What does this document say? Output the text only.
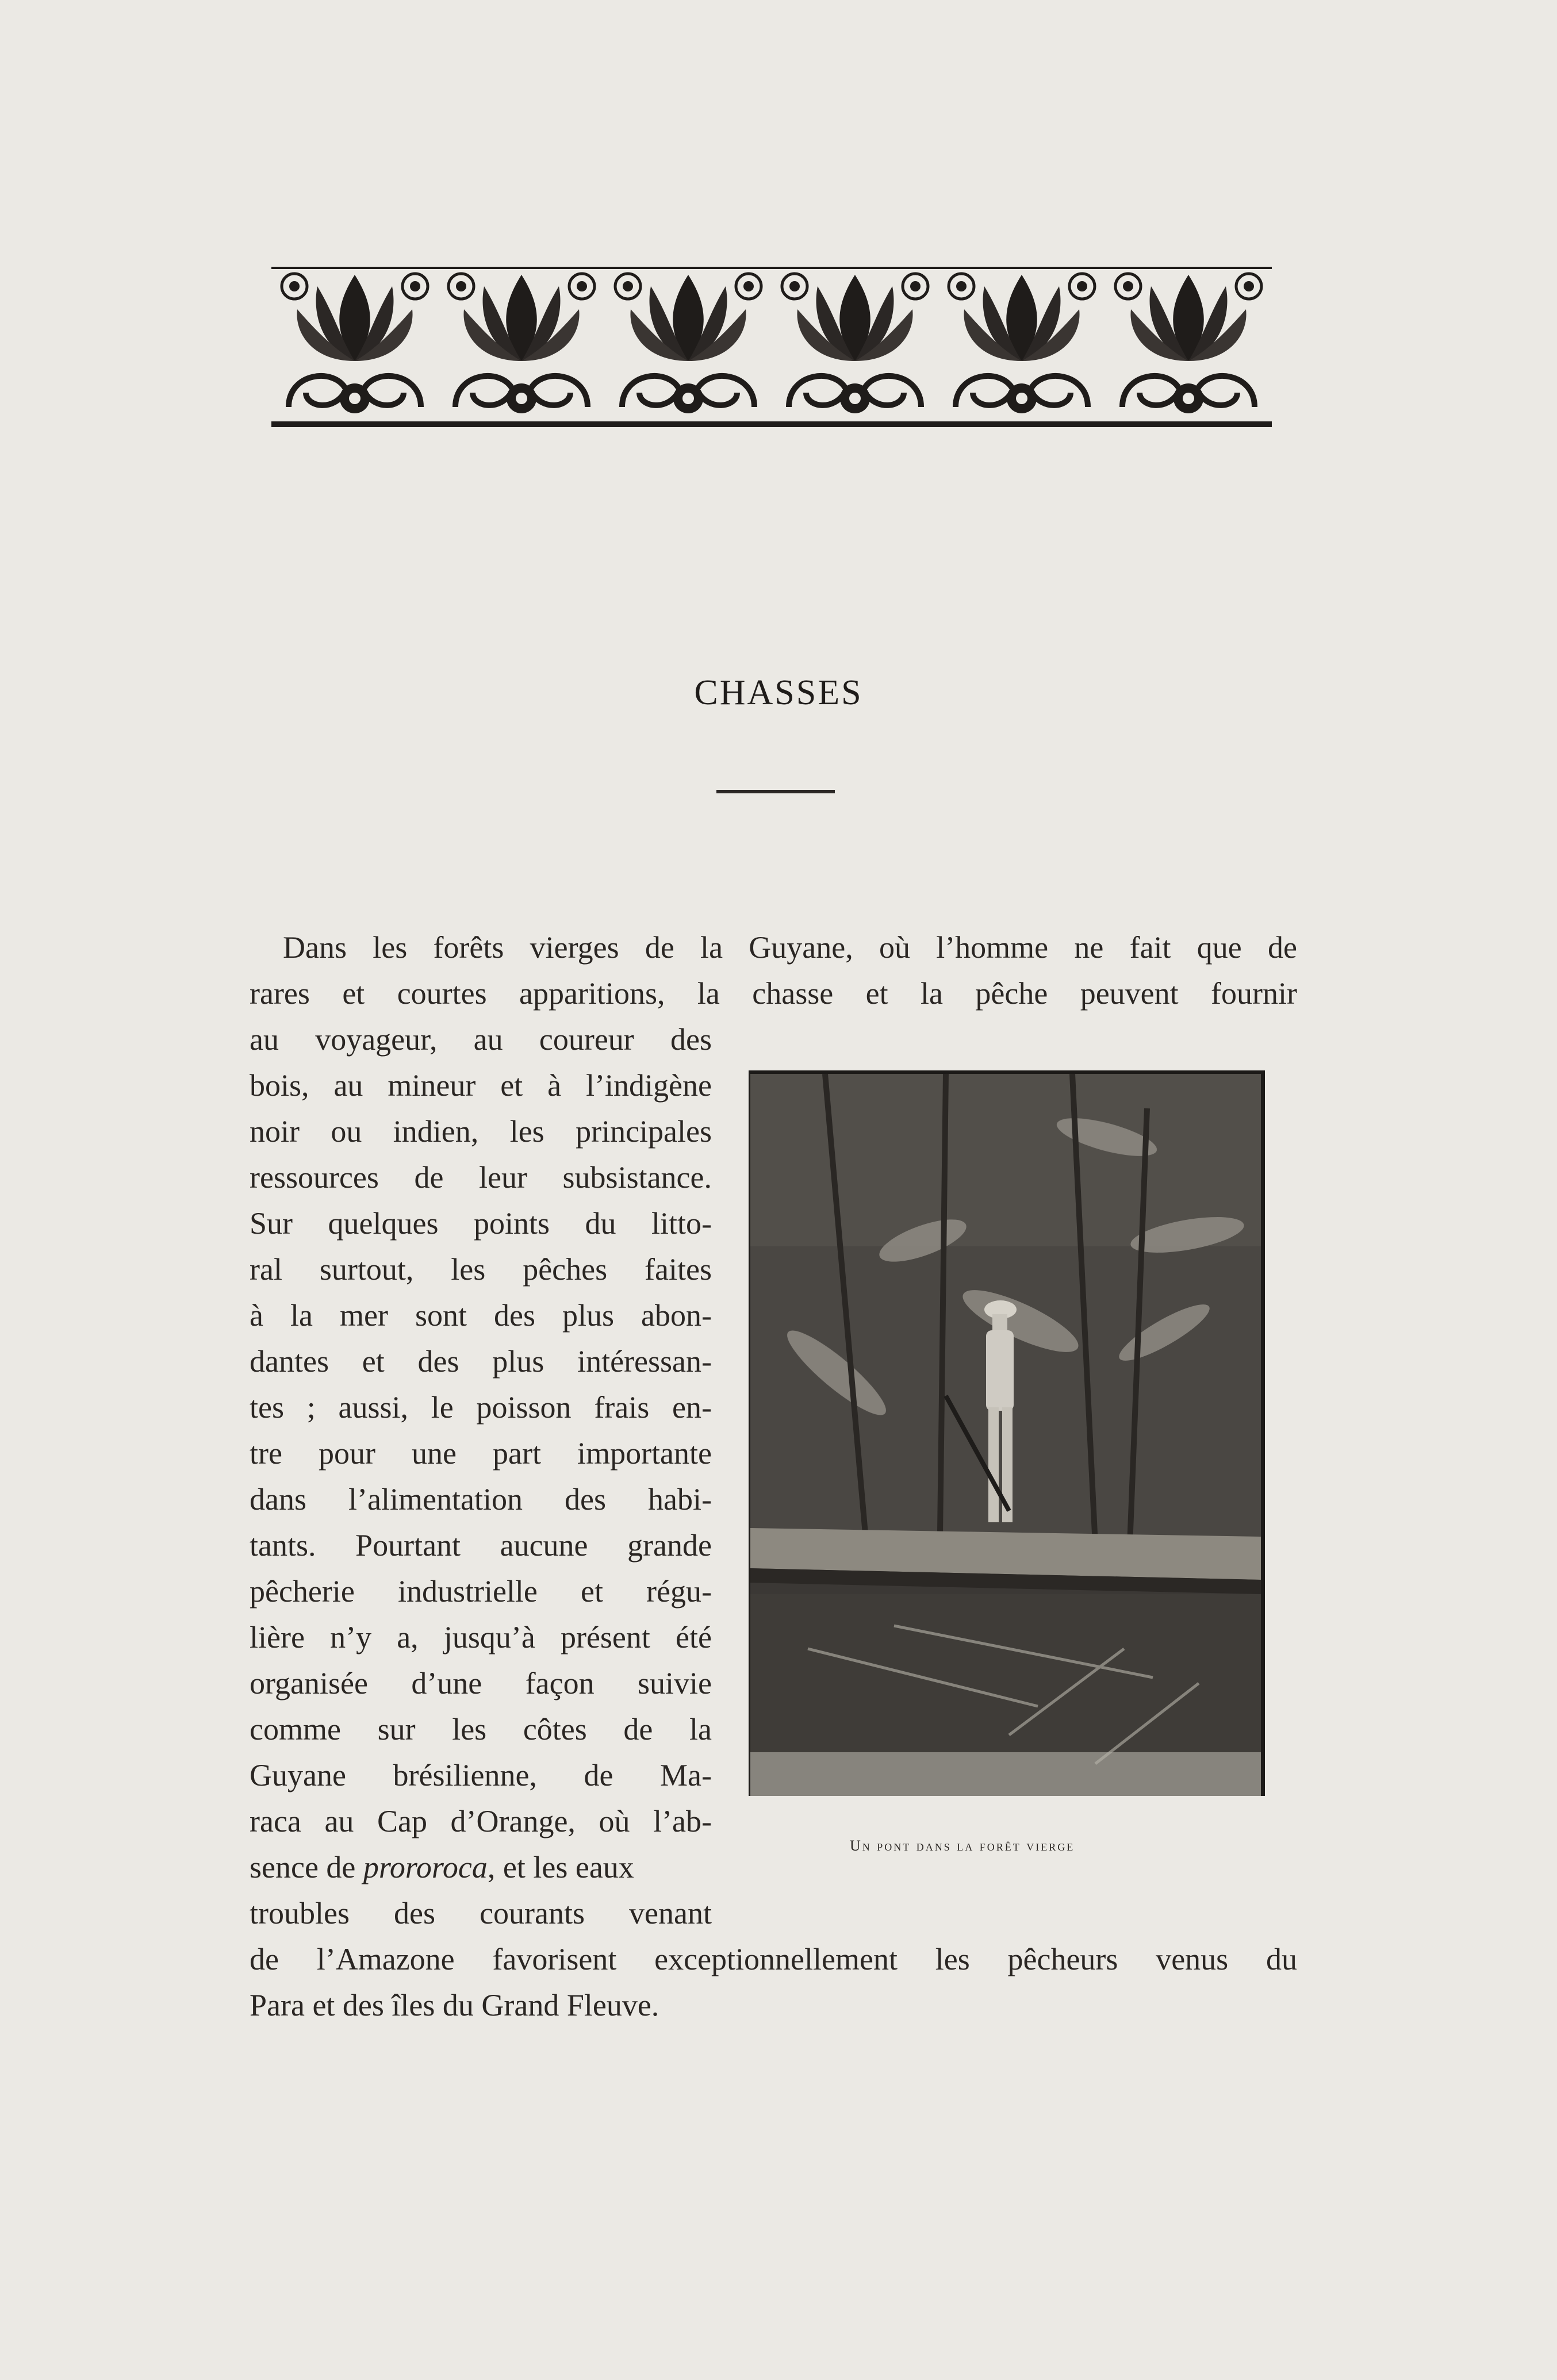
CHASSES
Dans les forêts vierges de la Guyane, où l’homme ne fait que de
rares et courtes apparitions, la chasse et la pêche peuvent fournir
au voyageur, au coureur des
bois, au mineur et à l’indigène
noir ou indien, les principales
ressources de leur subsistance.
Sur quelques points du litto-
ral surtout, les pêches faites
à la mer sont des plus abon-
dantes et des plus intéressan-
tes ; aussi, le poisson frais en-
tre pour une part importante
dans l’alimentation des habi-
tants. Pourtant aucune grande
pêcherie industrielle et régu-
lière n’y a, jusqu’à présent été
organisée d’une façon suivie
comme sur les côtes de la
Guyane brésilienne, de Ma-
raca au Cap d’Orange, où l’ab-
sence de prororoca, et les eaux
troubles des courants venant
de l’Amazone favorisent exceptionnellement les pêcheurs venus du
Para et des îles du Grand Fleuve.
Un pont dans la forêt vierge
